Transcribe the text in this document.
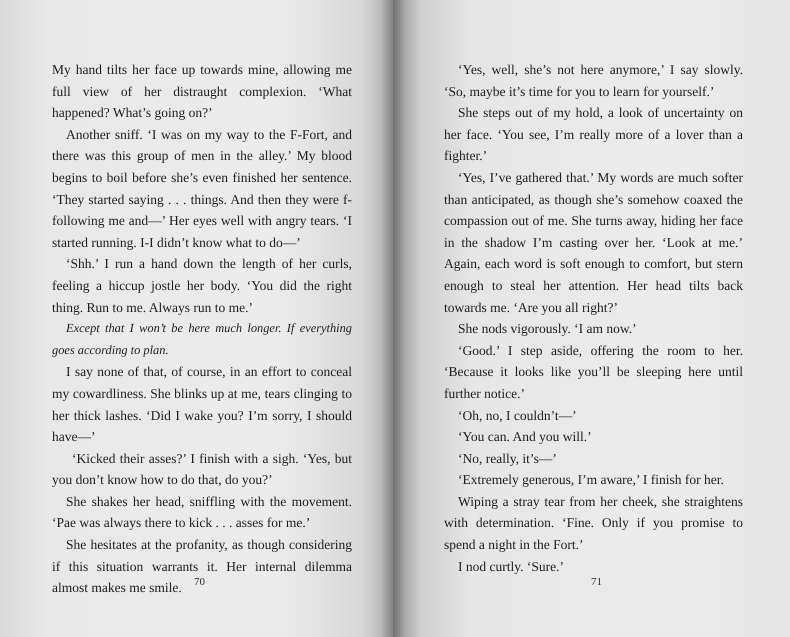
My hand tilts her face up towards mine, allowing me full view of her distraught complexion. ‘What happened? What’s going on?’

Another sniff. ‘I was on my way to the F-Fort, and there was this group of men in the alley.’ My blood begins to boil before she’s even finished her sentence. ‘They started saying . . . things. And then they were f-following me and—’ Her eyes well with angry tears. ‘I started running. I-I didn’t know what to do—’

‘Shh.’ I run a hand down the length of her curls, feeling a hiccup jostle her body. ‘You did the right thing. Run to me. Always run to me.’

Except that I won’t be here much longer. If everything goes according to plan.

I say none of that, of course, in an effort to conceal my cowardliness. She blinks up at me, tears clinging to her thick lashes. ‘Did I wake you? I’m sorry, I should have—’

‘Kicked their asses?’ I finish with a sigh. ‘Yes, but you don’t know how to do that, do you?’

She shakes her head, sniffling with the movement. ‘Pae was always there to kick . . . asses for me.’

She hesitates at the profanity, as though considering if this situation warrants it. Her internal dilemma almost makes me smile.	70

‘Yes, well, she’s not here anymore,’ I say slowly. ‘So, maybe it’s time for you to learn for yourself.’

She steps out of my hold, a look of uncertainty on her face. ‘You see, I’m really more of a lover than a fighter.’

‘Yes, I’ve gathered that.’ My words are much softer than anticipated, as though she’s somehow coaxed the compassion out of me. She turns away, hiding her face in the shadow I’m casting over her. ‘Look at me.’ Again, each word is soft enough to comfort, but stern enough to steal her attention. Her head tilts back towards me. ‘Are you all right?’

She nods vigorously. ‘I am now.’

‘Good.’ I step aside, offering the room to her. ‘Because it looks like you’ll be sleeping here until further notice.’

‘Oh, no, I couldn’t—’

‘You can. And you will.’

‘No, really, it’s—’

‘Extremely generous, I’m aware,’ I finish for her.

Wiping a stray tear from her cheek, she straightens with determination. ‘Fine. Only if you promise to spend a night in the Fort.’

I nod curtly. ‘Sure.’

71
